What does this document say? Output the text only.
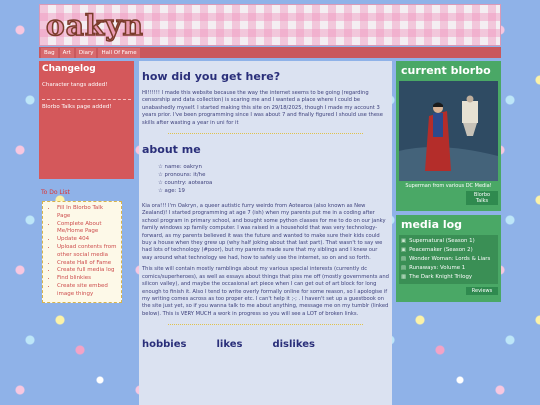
o a k y n
Bag	Art	Diary	Hall Of Fame
Changelog

Character tangs added!

Blorbo Talks page added!

To Do List
• Fill In Blorbo Talk Page
• Complete About Me/Home Page
• Update 404
• Upload contents from other social media
• Create Hall of Fame
• Create full media log
• Find blinkies
• Create site embed image thingy
how did you get here?

HI!!!!!! I made this website because the way the internet seems to be going (regarding censorship and data collection) is scaring me and I wanted a place where I could be unabashedly myself. I started making this site on 29/18/2025, though I made my account 3 years prior. I've been programming since I was about 7 and finally figured I should use these skills after wasting a year in uni for it

about me
☆ name: oakryn
☆ pronouns: it/he
☆ country: aotearoa
☆ age: 19

Kia ora!!! I'm Oakryn, a queer autistic furry weirdo from Aotearoa (also known as New Zealand)! I started programming at age 7 (ish) when my parents put me in a coding after school program in primary school, and bought some python classes for me to do on our janky family windows xp family computer. I was raised in a household that was very technology-forward, as my parents believed it was the future and wanted to make sure their kids could buy a house when they grew up (why half joking about that last part). That wasn't to say we had lots of technology (#poor), but my parents made sure that my siblings and I knew our way around what technology we had, how to safely use the internet, so on and so forth.

This site will contain mostly ramblings about my various special interests (currently dc comics/superheroes), as well as essays about things that piss me off (mostly governments and silicon valley), and maybe the occasional art piece when I can get out of art block for long enough to finish it. Also I tend to write overly formally online for some reason, so I apologise if my writing comes across as too proper etc. I can't help it ;-; . I haven't set up a guestbook on the site just yet, so if you wanna talk to me about anything, message me on my tumblr (linked below). This is VERY MUCH a work in progress so you will see a LOT of broken links.

hobbies	likes	dislikes
current blorbo
Superman from various DC Media!
Blorbo Talks
media log
▣ Supernatural (Season 1)
▣ Peacemaker (Season 2)
▤ Wonder Woman: Lords & Liars
▤ Runaways: Volume 1
▦ The Dark Knight Trilogy
Reviews
